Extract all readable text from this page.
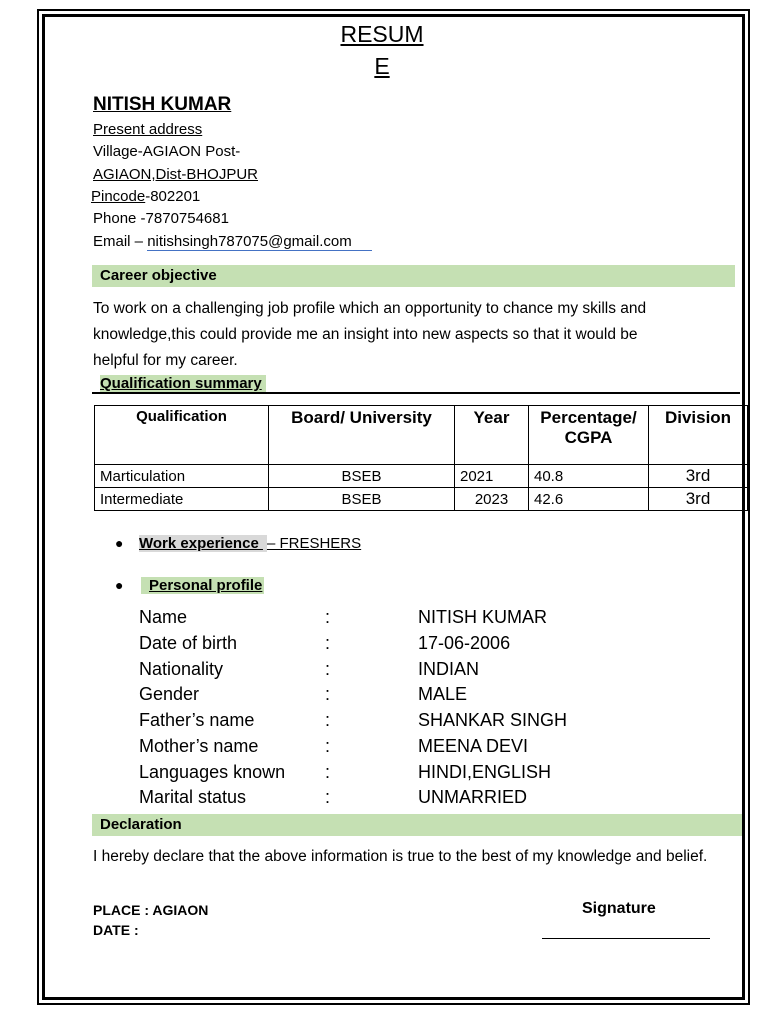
RESUM
E
NITISH KUMAR
Present address
Village-AGIAON Post-
AGIAON,Dist-BHOJPUR
Pincode-802201
Phone -7870754681
Email – nitishsingh787075@gmail.com
Career objective
To work on a challenging job profile which an opportunity to chance my skills and knowledge,this could provide me an insight into new aspects so that it would be helpful for my career.
Qualification summary
Qualification	Board/ University	Year	Percentage/ CGPA	Division
Marticulation	BSEB	2021	40.8	3rd
Intermediate	BSEB	2023	42.6	3rd
● Work experience – FRESHERS
●	Personal profile
Name	:	NITISH KUMAR
Date of birth	:	17-06-2006
Nationality	:	INDIAN
Gender	:	MALE
Father’s name	:	SHANKAR SINGH
Mother’s name	:	MEENA DEVI
Languages known :	HINDI,ENGLISH
Marital status	:	UNMARRIED
Declaration
I hereby declare that the above information is true to the best of my knowledge and belief.
PLACE : AGIAON
DATE :
Signature
